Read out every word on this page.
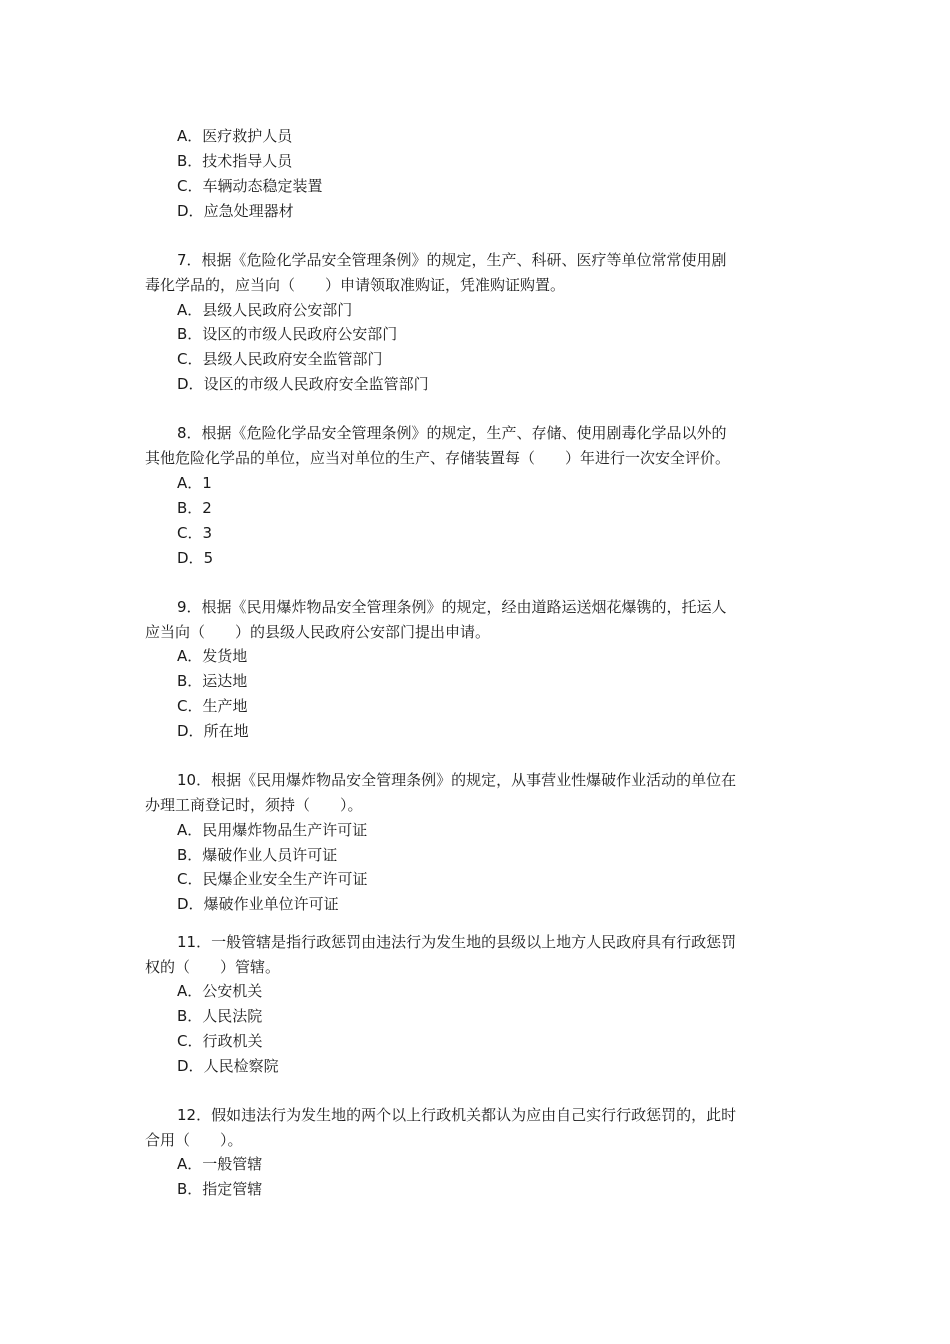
A．医疗救护人员
B．技术指导人员
C．车辆动态稳定装置
D．应急处理器材
7．根据《危险化学品安全管理条例》的规定，生产、科研、医疗等单位常常使用剧
毒化学品的，应当向（　　）申请领取准购证，凭准购证购置。
A．县级人民政府公安部门
B．设区的市级人民政府公安部门
C．县级人民政府安全监管部门
D．设区的市级人民政府安全监管部门
8．根据《危险化学品安全管理条例》的规定，生产、存储、使用剧毒化学品以外的
其他危险化学品的单位，应当对单位的生产、存储装置每（　　）年进行一次安全评价。
A．1
B．2
C．3
D．5
9．根据《民用爆炸物品安全管理条例》的规定，经由道路运送烟花爆镌的，托运人
应当向（　　）的县级人民政府公安部门提出申请。
A．发货地
B．运达地
C．生产地
D．所在地
10．根据《民用爆炸物品安全管理条例》的规定，从事营业性爆破作业活动的单位在
办理工商登记时，须持（　　）。
A．民用爆炸物品生产许可证
B．爆破作业人员许可证
C．民爆企业安全生产许可证
D．爆破作业单位许可证
11．一般管辖是指行政惩罚由违法行为发生地的县级以上地方人民政府具有行政惩罚
权的（　　）管辖。
A．公安机关
B．人民法院
C．行政机关
D．人民检察院
12．假如违法行为发生地的两个以上行政机关都认为应由自己实行行政惩罚的，此时
合用（　　）。
A．一般管辖
B．指定管辖
